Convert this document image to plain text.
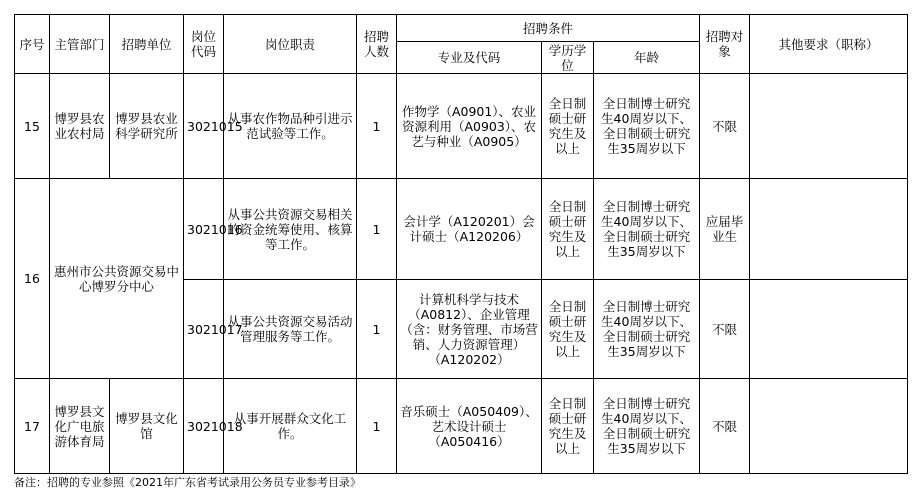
序号	主管部门	招聘单位	岗位代码	岗位职责	招聘人数	招聘条件			招聘对象	其他要求（职称）
						专业及代码	学历学位	年龄		
15	博罗县农业农村局	博罗县农业科学研究所	3021015	从事农作物品种引进示范试验等工作。	1	作物学（A0901）、农业资源利用（A0903）、农艺与种业（A0905）	全日制硕士研究生及以上	全日制博士研究生40周岁以下、全日制硕士研究生35周岁以下	不限	
16	惠州市公共资源交易中心博罗分中心		3021016	从事公共资源交易相关的资金统筹使用、核算等工作。	1	会计学（A120201）会计硕士（A120206）	全日制硕士研究生及以上	全日制博士研究生40周岁以下、全日制硕士研究生35周岁以下	应届毕业生	
			3021017	从事公共资源交易活动管理服务等工作。	1	计算机科学与技术（A0812）、企业管理（含：财务管理、市场营销、人力资源管理）（A120202）	全日制硕士研究生及以上	全日制博士研究生40周岁以下、全日制硕士研究生35周岁以下	不限	
17	博罗县文化广电旅游体育局	博罗县文化馆	3021018	从事开展群众文化工作。	1	音乐硕士（A050409）、艺术设计硕士（A050416）	全日制硕士研究生及以上	全日制博士研究生40周岁以下、全日制硕士研究生35周岁以下	不限	
备注：招聘的专业参照《2021年广东省考试录用公务员专业参考目录》
